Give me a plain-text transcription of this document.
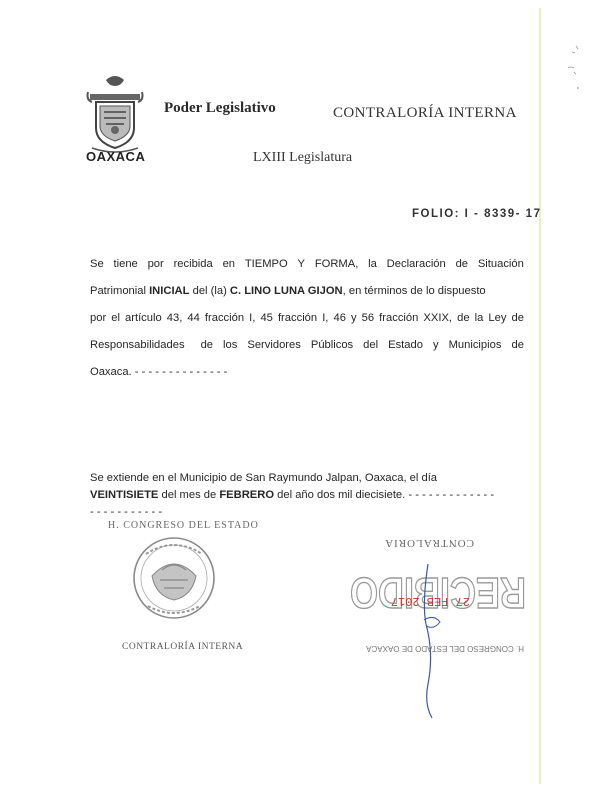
OAXACA
Poder Legislativo	CONTRALORÍA INTERNA
LXIII Legislatura
FOLIO: I - 8339- 17
Se tiene por recibida en TIEMPO Y FORMA, la Declaración de Situación
Patrimonial INICIAL del (la) C. LINO LUNA GIJON, en términos de lo dispuesto
por el artículo 43, 44 fracción I, 45 fracción I, 46 y 56 fracción XXIX, de la Ley de
Responsabilidades de los Servidores Públicos del Estado y Municipios de
Oaxaca. - - - - - - - - - - - - - -
Se extiende en el Municipio de San Raymundo Jalpan, Oaxaca, el día
VEINTISIETE del mes de FEBRERO del año dos mil diecisiete. - - - - - - - - - - - - -
- - - - - - - - - - -
H. CONGRESO DEL ESTADO
CONTRALORÍA INTERNA	H. CONGRESO DEL ESTADO DE OAXACA
RECIBIDO
27 FEB 2017
CONTRALORIA
